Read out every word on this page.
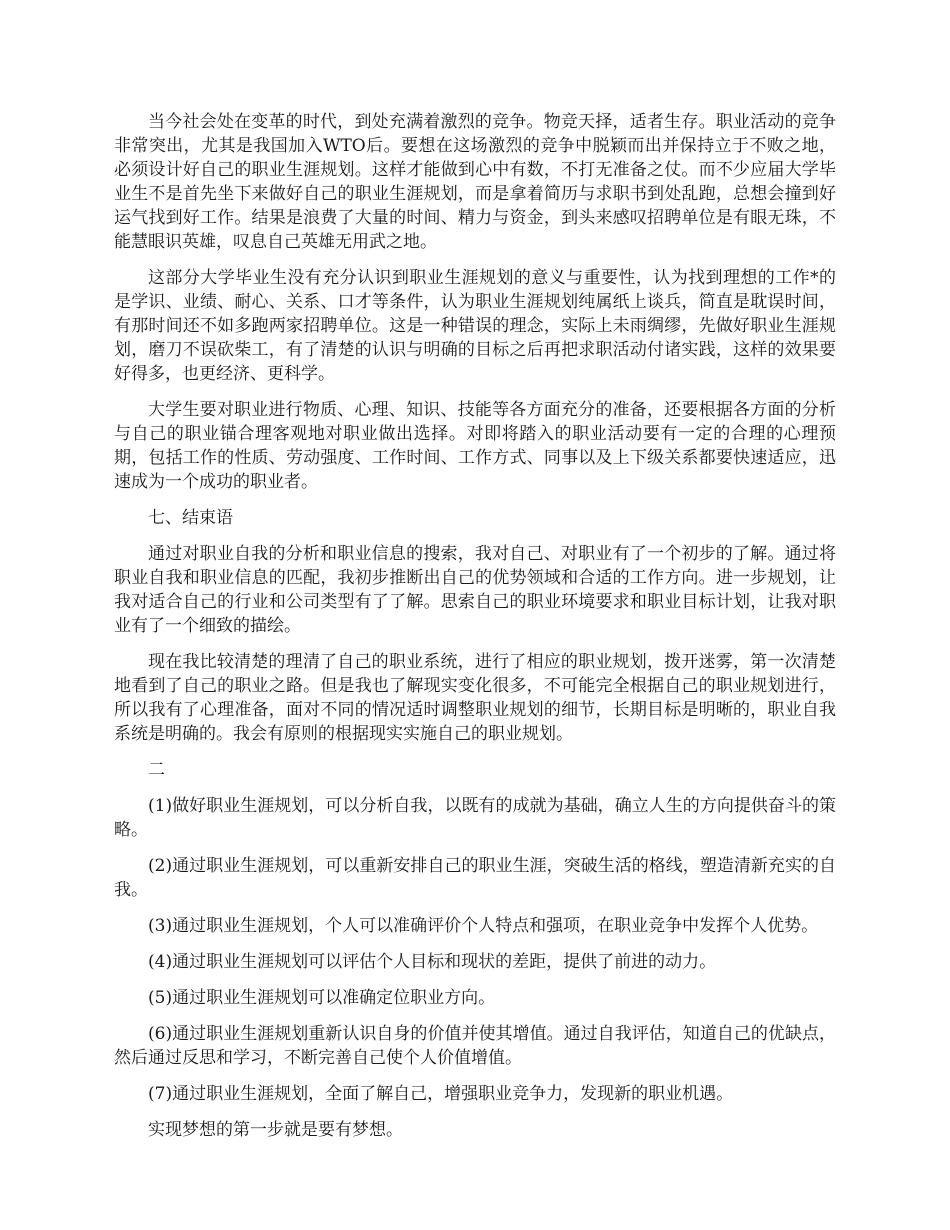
当今社会处在变革的时代，到处充满着激烈的竞争。物竞天择，适者生存。职业活动的竞争非常突出，尤其是我国加入WTO后。要想在这场激烈的竞争中脱颖而出并保持立于不败之地，必须设计好自己的职业生涯规划。这样才能做到心中有数，不打无准备之仗。而不少应届大学毕业生不是首先坐下来做好自己的职业生涯规划，而是拿着简历与求职书到处乱跑，总想会撞到好运气找到好工作。结果是浪费了大量的时间、精力与资金，到头来感叹招聘单位是有眼无珠，不能慧眼识英雄，叹息自己英雄无用武之地。

这部分大学毕业生没有充分认识到职业生涯规划的意义与重要性，认为找到理想的工作*的是学识、业绩、耐心、关系、口才等条件，认为职业生涯规划纯属纸上谈兵，简直是耽误时间，有那时间还不如多跑两家招聘单位。这是一种错误的理念，实际上未雨绸缪，先做好职业生涯规划，磨刀不误砍柴工，有了清楚的认识与明确的目标之后再把求职活动付诸实践，这样的效果要好得多，也更经济、更科学。

大学生要对职业进行物质、心理、知识、技能等各方面充分的准备，还要根据各方面的分析与自己的职业锚合理客观地对职业做出选择。对即将踏入的职业活动要有一定的合理的心理预期，包括工作的性质、劳动强度、工作时间、工作方式、同事以及上下级关系都要快速适应，迅速成为一个成功的职业者。

七、结束语

通过对职业自我的分析和职业信息的搜索，我对自己、对职业有了一个初步的了解。通过将职业自我和职业信息的匹配，我初步推断出自己的优势领域和合适的工作方向。进一步规划，让我对适合自己的行业和公司类型有了了解。思索自己的职业环境要求和职业目标计划，让我对职业有了一个细致的描绘。

现在我比较清楚的理清了自己的职业系统，进行了相应的职业规划，拨开迷雾，第一次清楚地看到了自己的职业之路。但是我也了解现实变化很多，不可能完全根据自己的职业规划进行，所以我有了心理准备，面对不同的情况适时调整职业规划的细节，长期目标是明晰的，职业自我系统是明确的。我会有原则的根据现实实施自己的职业规划。

二

(1)做好职业生涯规划，可以分析自我，以既有的成就为基础，确立人生的方向提供奋斗的策略。

(2)通过职业生涯规划，可以重新安排自己的职业生涯，突破生活的格线，塑造清新充实的自我。

(3)通过职业生涯规划，个人可以准确评价个人特点和强项，在职业竞争中发挥个人优势。

(4)通过职业生涯规划可以评估个人目标和现状的差距，提供了前进的动力。

(5)通过职业生涯规划可以准确定位职业方向。

(6)通过职业生涯规划重新认识自身的价值并使其增值。通过自我评估，知道自己的优缺点，然后通过反思和学习，不断完善自己使个人价值增值。

(7)通过职业生涯规划，全面了解自己，增强职业竞争力，发现新的职业机遇。

实现梦想的第一步就是要有梦想。
